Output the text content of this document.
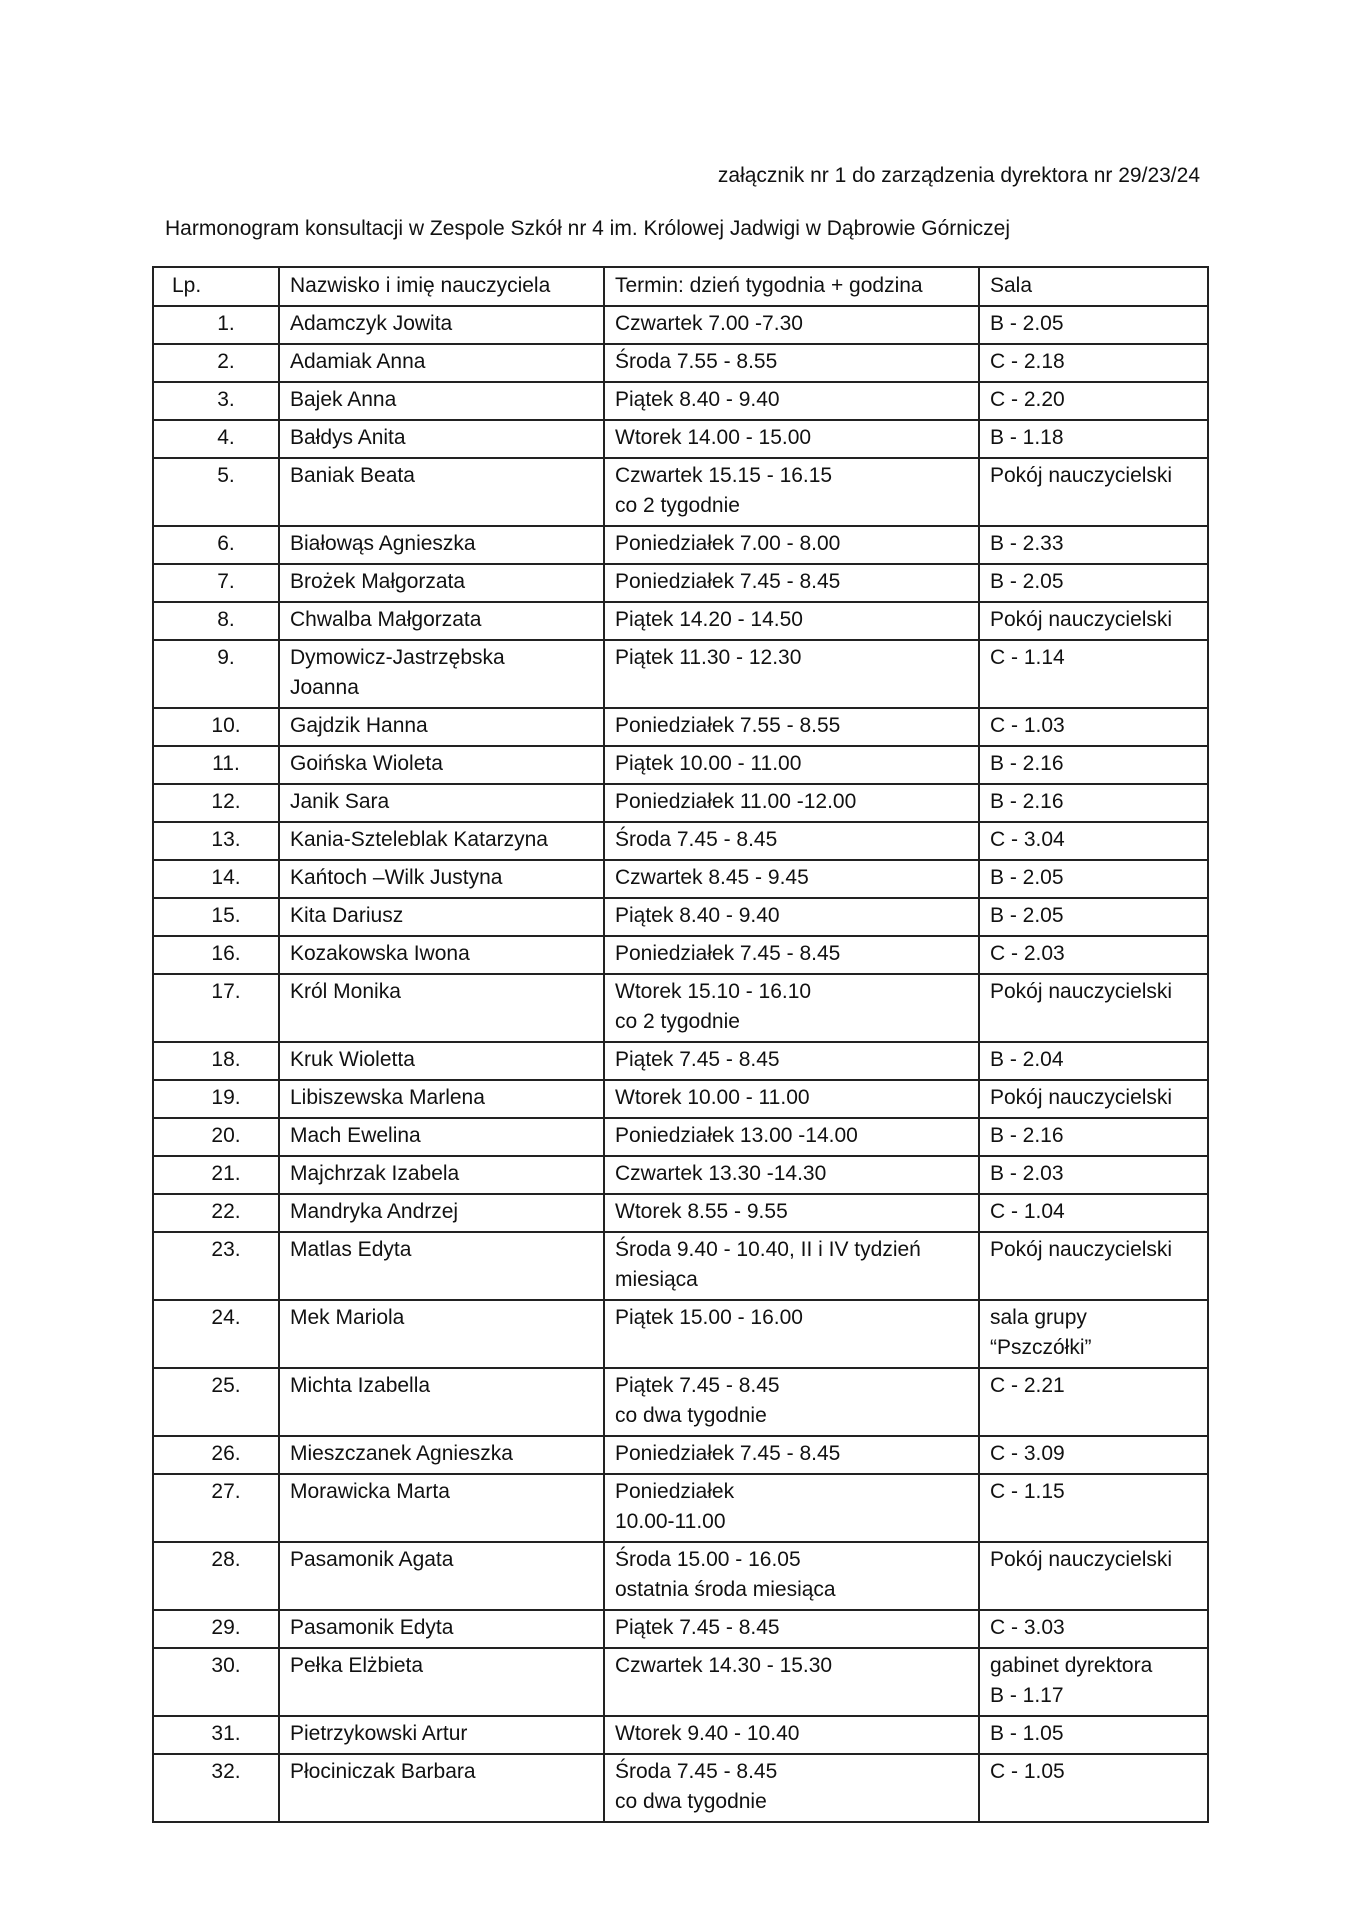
załącznik nr 1 do zarządzenia dyrektora nr 29/23/24

Harmonogram konsultacji w Zespole Szkół nr 4 im. Królowej Jadwigi w Dąbrowie Górniczej
Lp.	Nazwisko i imię nauczyciela	Termin: dzień tygodnia + godzina	Sala
1.	Adamczyk Jowita	Czwartek 7.00 -7.30	B - 2.05

2.	Adamiak Anna	Środa 7.55 - 8.55	C - 2.18

3.	Bajek Anna	Piątek 8.40 - 9.40	C - 2.20

4.	Bałdys Anita	Wtorek 14.00 - 15.00	B - 1.18

5.	Baniak Beata	Czwartek 15.15 - 16.15
co 2 tygodnie	Pokój nauczycielski

6.	Białowąs Agnieszka	Poniedziałek 7.00 - 8.00	B - 2.33

7.	Brożek Małgorzata	Poniedziałek 7.45 - 8.45	B - 2.05

8.	Chwalba Małgorzata	Piątek 14.20 - 14.50	Pokój nauczycielski

9.	Dymowicz-Jastrzębska
Joanna	Piątek 11.30 - 12.30	C - 1.14

10.	Gajdzik Hanna	Poniedziałek 7.55 - 8.55	C - 1.03

11.	Goińska Wioleta	Piątek 10.00 - 11.00	B - 2.16

12.	Janik Sara	Poniedziałek 11.00 -12.00	B - 2.16

13.	Kania-Szteleblak Katarzyna	Środa 7.45 - 8.45	C - 3.04

14.	Kańtoch –Wilk Justyna	Czwartek 8.45 - 9.45	B - 2.05

15.	Kita Dariusz	Piątek 8.40 - 9.40	B - 2.05

16.	Kozakowska Iwona	Poniedziałek 7.45 - 8.45	C - 2.03

17.	Król Monika	Wtorek 15.10 - 16.10
co 2 tygodnie	Pokój nauczycielski

18.	Kruk Wioletta	Piątek 7.45 - 8.45	B - 2.04

19.	Libiszewska Marlena	Wtorek 10.00 - 11.00	Pokój nauczycielski

20.	Mach Ewelina	Poniedziałek 13.00 -14.00	B - 2.16

21.	Majchrzak Izabela	Czwartek 13.30 -14.30	B - 2.03

22.	Mandryka Andrzej	Wtorek 8.55 - 9.55	C - 1.04

23.	Matlas Edyta	Środa 9.40 - 10.40, II i IV tydzień
miesiąca	Pokój nauczycielski

24.	Mek Mariola	Piątek 15.00 - 16.00	sala grupy
“Pszczółki”

25.	Michta Izabella	Piątek 7.45 - 8.45
co dwa tygodnie	C - 2.21

26.	Mieszczanek Agnieszka	Poniedziałek 7.45 - 8.45	C - 3.09

27.	Morawicka Marta	Poniedziałek
10.00-11.00	C - 1.15

28.	Pasamonik Agata	Środa 15.00 - 16.05
ostatnia środa miesiąca	Pokój nauczycielski

29.	Pasamonik Edyta	Piątek 7.45 - 8.45	C - 3.03

30.	Pełka Elżbieta	Czwartek 14.30 - 15.30	gabinet dyrektora
B - 1.17

31.	Pietrzykowski Artur	Wtorek 9.40 - 10.40	B - 1.05

32.	Płociniczak Barbara	Środa 7.45 - 8.45
co dwa tygodnie	C - 1.05
